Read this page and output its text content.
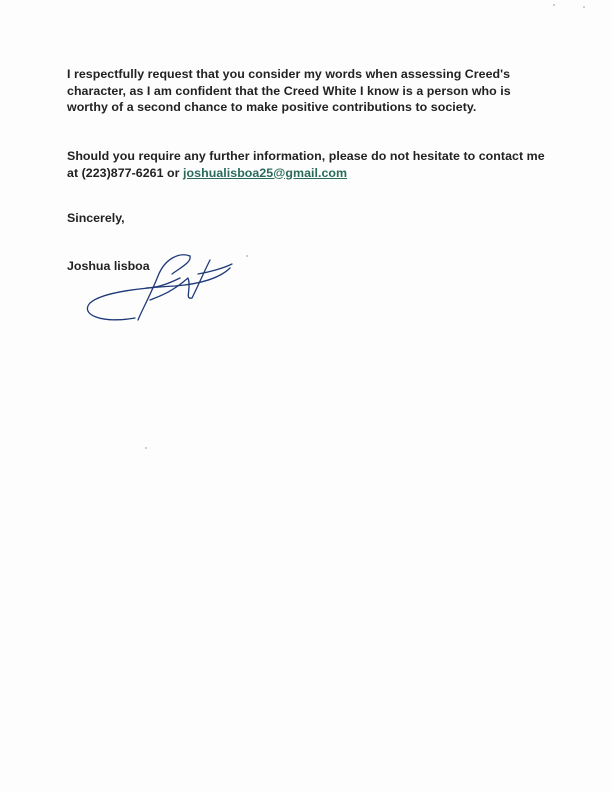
I respectfully request that you consider my words when assessing Creed's
character, as I am confident that the Creed White I know is a person who is
worthy of a second chance to make positive contributions to society.
Should you require any further information, please do not hesitate to contact me
at (223)877-6261 or joshualisboa25@gmail.com
Sincerely,
Joshua lisboa
